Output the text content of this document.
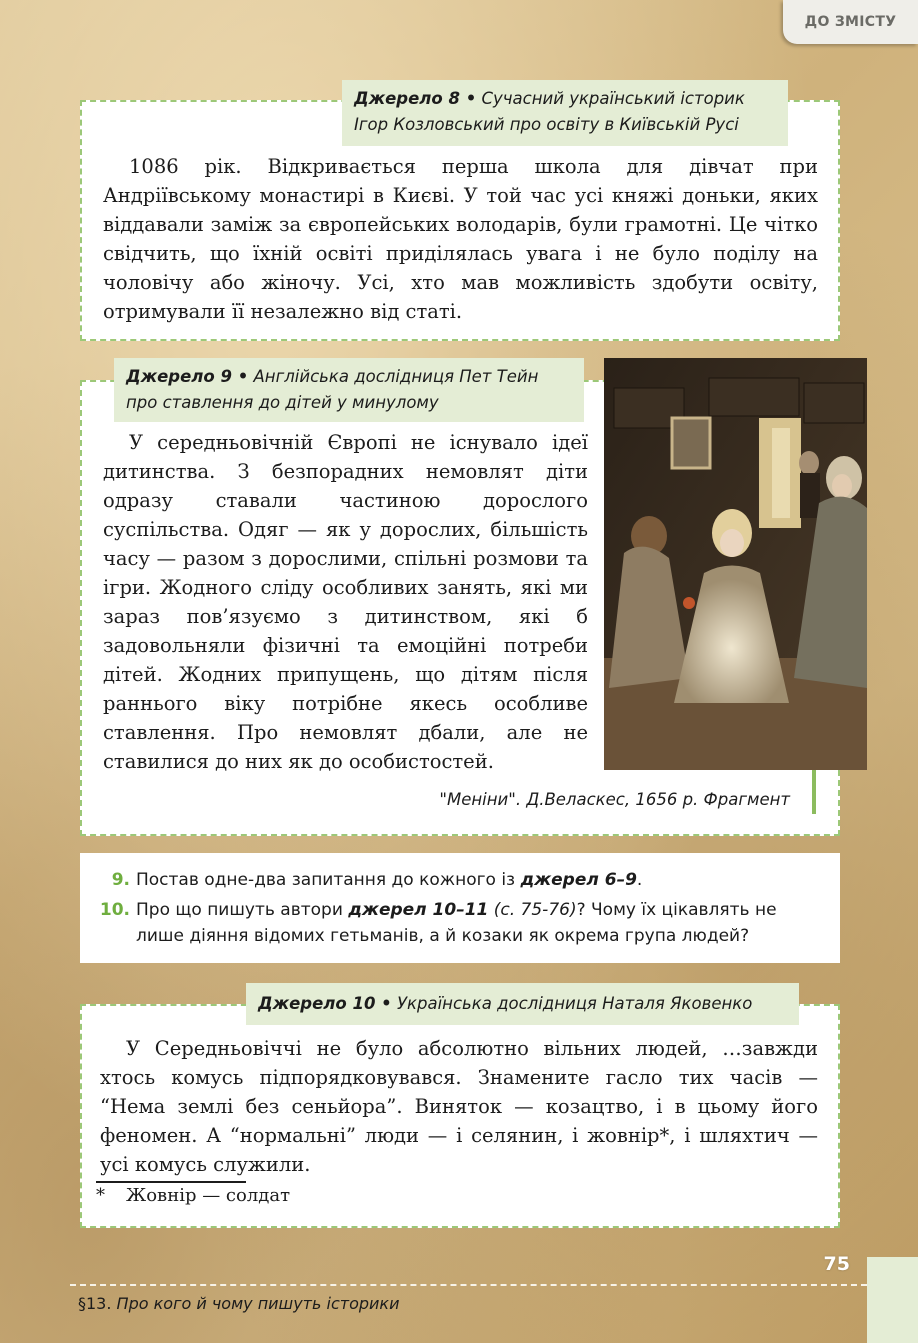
ДО ЗМІСТУ
Джерело 8 • Сучасний український історик
Ігор Козловський про освіту в Київській Русі

1086 рік. Відкривається перша школа для дівчат при Андріївському монастирі в Києві. У той час усі княжі доньки, яких віддавали заміж за європейських володарів, були грамотні. Це чітко свідчить, що їхній освіті приділялась увага і не було поділу на чоловічу або жіночу. Усі, хто мав можливість здобути освіту, отримували її незалежно від статі.

Джерело 9 • Англійська дослідниця Пет Тейн
про ставлення до дітей у минулому

У середньовічній Європі не існувало ідеї дитинства. З безпорадних немовлят діти одразу ставали частиною дорослого суспільства. Одяг — як у дорослих, більшість часу — разом з дорослими, спільні розмови та ігри. Жодного сліду особливих занять, які ми зараз пов’язуємо з дитинством, які б задовольняли фізичні та емоційні потреби дітей. Жодних припущень, що дітям після раннього віку потрібне якесь особливе ставлення. Про немовлят дбали, але не ставилися до них як до особистостей.

"Меніни". Д.Веласкес, 1656 р. Фрагмент
9. Постав одне-два запитання до кожного із джерел 6–9.
10. Про що пишуть автори джерел 10–11 (с. 75-76)? Чому їх цікавлять не лише діяння відомих гетьманів, а й козаки як окрема група людей?
Джерело 10 • Українська дослідниця Наталя Яковенко

У Середньовіччі не було абсолютно вільних людей, …завжди хтось комусь підпорядковувався. Знамените гасло тих часів — “Нема землі без сеньйора”. Виняток — козацтво, і в цьому його феномен. А “нормальні” люди — і селянин, і жовнір*, і шляхтич — усі комусь служили.

* Жовнір — солдат
75
§13. Про кого й чому пишуть історики
